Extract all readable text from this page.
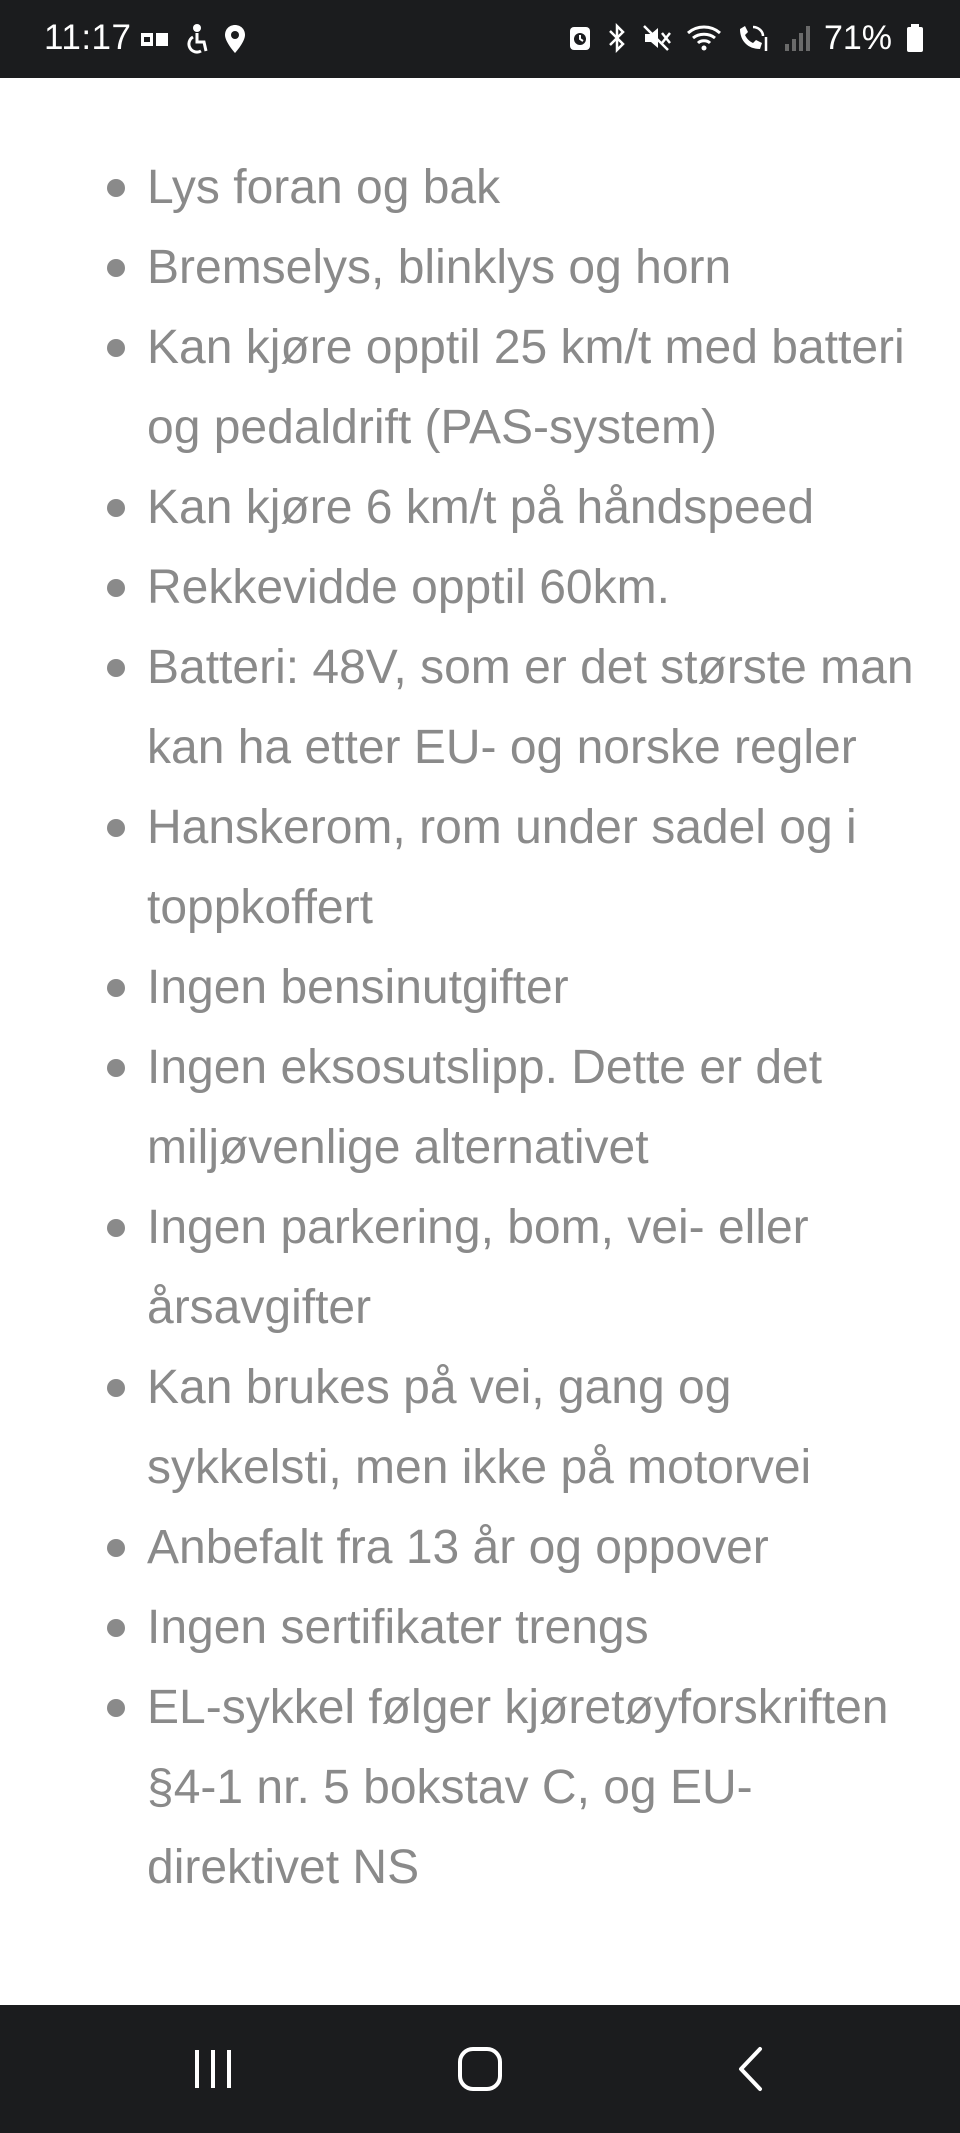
11:17	71%
Lys foran og bak
Bremselys, blinklys og horn
Kan kjøre opptil 25 km/t med batteri og pedaldrift (PAS-system)
Kan kjøre 6 km/t på håndspeed
Rekkevidde opptil 60km.
Batteri: 48V, som er det største man kan ha etter EU- og norske regler
Hanskerom, rom under sadel og i toppkoffert
Ingen bensinutgifter
Ingen eksosutslipp. Dette er det miljøvenlige alternativet
Ingen parkering, bom, vei- eller årsavgifter
Kan brukes på vei, gang og sykkelsti, men ikke på motorvei
Anbefalt fra 13 år og oppover
Ingen sertifikater trengs
EL-sykkel følger kjøretøyforskriften §4-1 nr. 5 bokstav C, og EU-direktivet NS
